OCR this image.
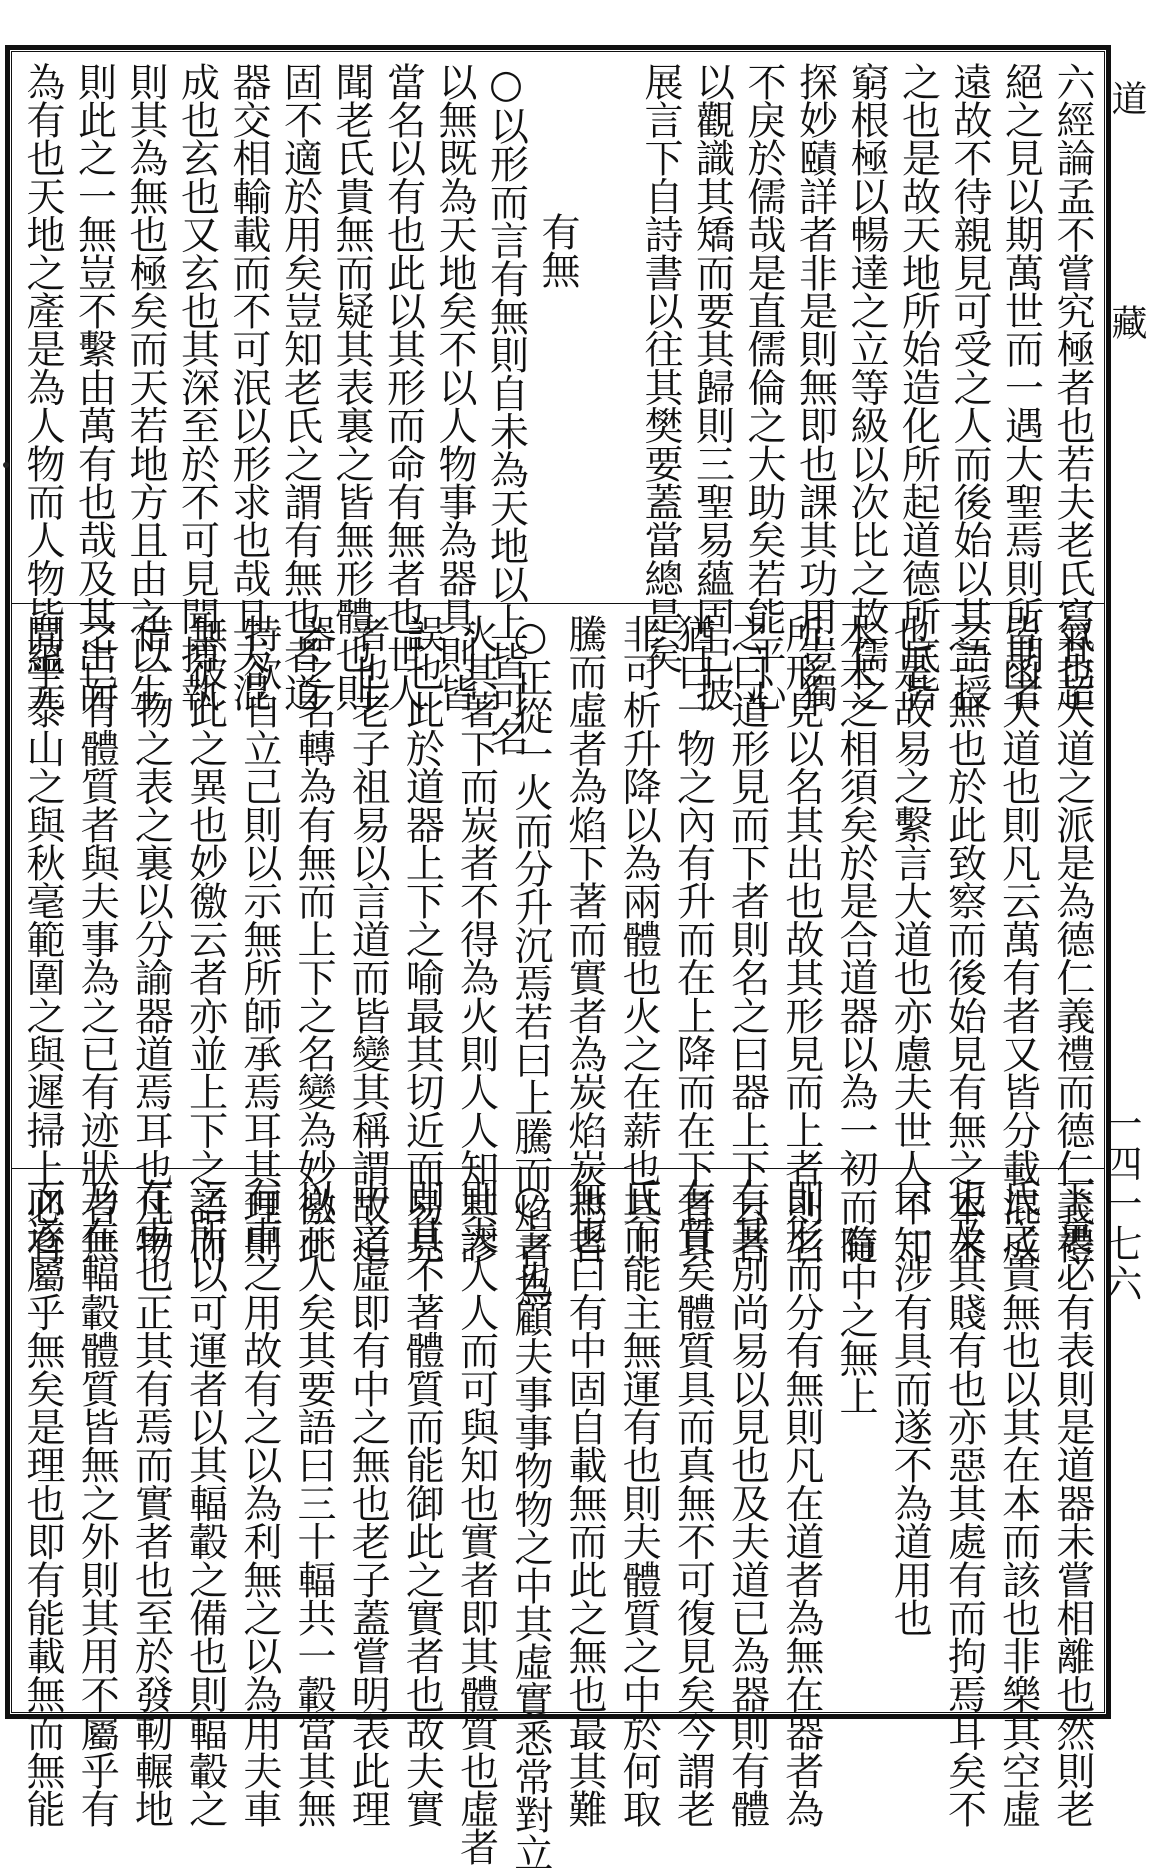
六經論孟不嘗究極者也若夫老氏寫其超
絕之見以期萬世而一遇大聖焉則所期者
遠故不待親見可受之人而後始以其語授
之也是故天地所始造化所起道德所底皆
窮根極以暢達之立等級以次比之故儒之
探妙賾詳者非是則無即也課其功用豈獨
不戾於儒哉是直儒倫之大助矣若能平心
以觀識其矯而要其歸則三聖易蘊固已披
展言下自詩書以往其樊要蓋當總是矣
有無
○以形而言有無則自未為天地以上皆可名
以無既為天地矣不以人物事為器具則皆
當名以有也此以其形而命有無者也世人
聞老氏貴無而疑其表裏之皆無形體也則
固不適於用矣豈知老氏之謂有無也者道
器交相輸載而不可泯以形求也哉且夫混
成也玄也又玄也其深至於不可見聞搏執
則其為無也極矣而天若地方且由之以生
則此之一無豈不繫由萬有也哉及其出而
為有也天地之產是為人物而人物皆蘊元
氣也大道之派是為德仁義禮而德仁義禮
皆函大道也則凡云萬有者又皆分載混成
之一無也於此致察而後始見有無之本末
也是故易之繫言大道也亦慮夫世人不知
本末之相須矣於是合道器以為一初而隨
所形見以名其出也故其形見而上者則名
之曰道形見而下者則名之曰器上下云者
猶曰一物之內有升而在上降而在下者耳
非可析升降以為兩體也火之在薪也其上
騰而虛者為焰下著而實者為炭焰炭也者
○正從一火而分升沉焉若曰上騰而焰者為
火其著下而炭者不得為火則人人知其謬
誤也此於道器上下之喻最其切近而易見
者也老子祖易以言道而皆變其稱謂故道
器之名轉為有無而上下之名變為妙徼此
特欲自立己則以示無所師承焉耳其理則
無彼此之異也妙徼云者亦並上下之語而
借一物之表之裏以分諭器道焉耳也凡物
之已有體質者與夫事為之已有迹狀者無
間乎泰山之與秋毫範圍之與遲掃上必有
下裏必有表則是道器未嘗相離也然則老
氏之貴無也以其在本而該也非樂其空虛
也及其賤有也亦惡其處有而拘焉耳矣不
曰一涉有具而遂不為道用也
有中之無上
即形而分有無則凡在道者為無在器者為
有其別尚易以見也及夫道已為器則有體
有質矣體質具而真無不可復見矣今謂老
氏而能主無運有也則夫體質之中於何取
無也曰有中固自載無而此之無也最其難
○言也顧夫事事物物之中其虛實悉常對立
則夫人人而可與知也實者即其體質也虛者
即其不著體質而能御此之實者也故夫實
中之虛即有中之無也老子蓋嘗明表此理
以示人矣其要語曰三十輻共一轂當其無
有車之用故有之以為利無之以為用夫車
之所以可運者以其輻轂之備也則輻轂之
在車也正其有焉而實者也至於發軔輾地
乃在輻轂體質皆無之外則其用不屬乎有
而遂屬乎無矣是理也即有能載無而無能
道藏
一四一七六
